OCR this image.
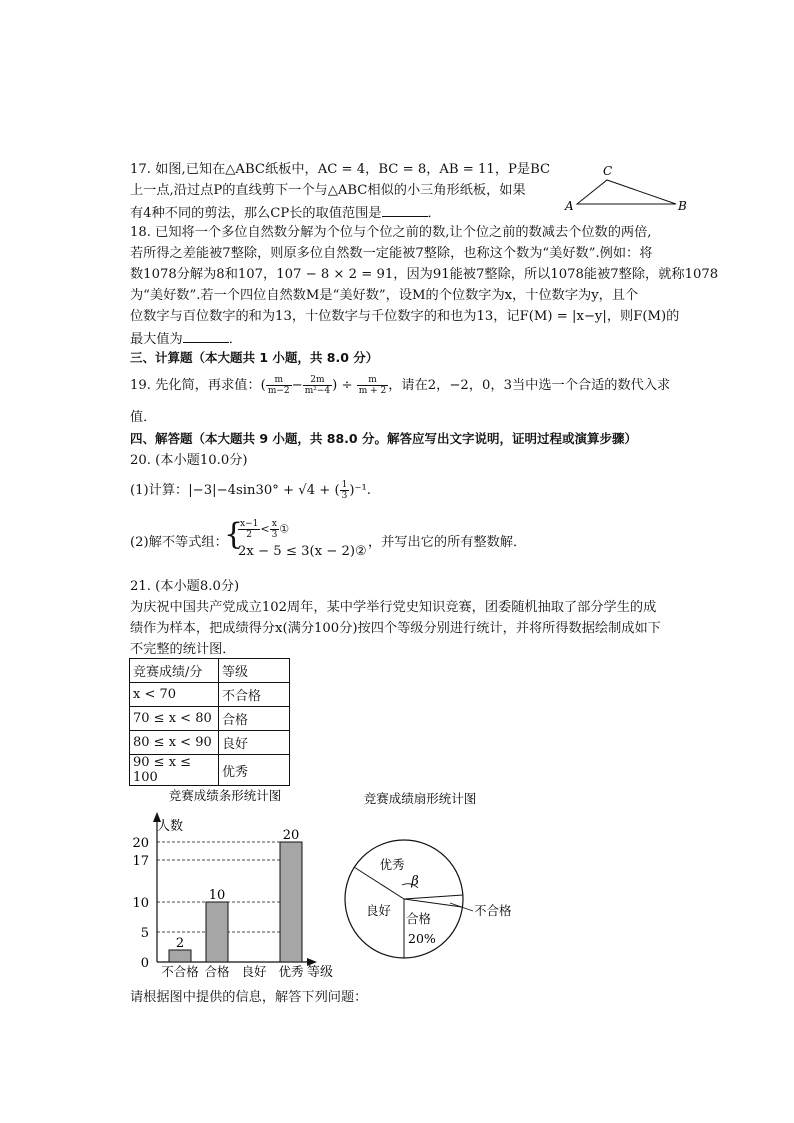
17. 如图,已知在△ABC纸板中，AC = 4，BC = 8，AB = 11，P是BC
上一点,沿过点P的直线剪下一个与△ABC相似的小三角形纸板，如果
有4种不同的剪法，那么CP长的取值范围是	．
C
A	B
18. 已知将一个多位自然数分解为个位与个位之前的数,让个位之前的数减去个位数的两倍,
若所得之差能被7整除，则原多位自然数一定能被7整除，也称这个数为“美好数”.例如：将
数1078分解为8和107，107 − 8 × 2 = 91，因为91能被7整除，所以1078能被7整除，就称1078
为“美好数”.若一个四位自然数M是“美好数”，设M的个位数字为x，十位数字为y，且个
位数字与百位数字的和为13，十位数字与千位数字的和也为13，记F(M) = |x−y|，则F(M)的
最大值为	．
三、计算题（本大题共 1 小题，共 8.0 分）
19. 先化简，再求值：( $\frac{m}{m-2} - \frac{2m}{\text{m²−4}}$ ) ÷ $\frac{m}{m + 2}$ ，请在2，−2，0，3当中选一个合适的数代入求
值．
四、解答题（本大题共 9 小题，共 88.0 分。解答应写出文字说明，证明过程或演算步骤）
20. (本小题10.0分)
(1)计算：|−3|−4sin30° + √4 + ( $\frac{1}{3} )^{-1}$.
(2)解不等式组：
{
$\frac{x-1}{2} < \frac{x}{3}$ ①
2x − 5 ≤ 3(x − 2)②
，并写出它的所有整数解．
21. (本小题8.0分)
为庆祝中国共产党成立102周年，某中学举行党史知识竞赛，团委随机抽取了部分学生的成
绩作为样本，把成绩得分x(满分100分)按四个等级分别进行统计，并将所得数据绘制成如下
不完整的统计图．
竞赛成绩/分	等级
x < 70	不合格
70 ≤ x < 80	合格
80 ≤ x < 90	良好
90 ≤ x ≤ 100	优秀
竞赛成绩条形统计图
0
5
10
17
20
2
不合格
10
合格 良好
20
优秀
人数
等级
竞赛成绩扇形统计图
优秀
β
良好
合格
20%
不合格
请根据图中提供的信息，解答下列问题：
